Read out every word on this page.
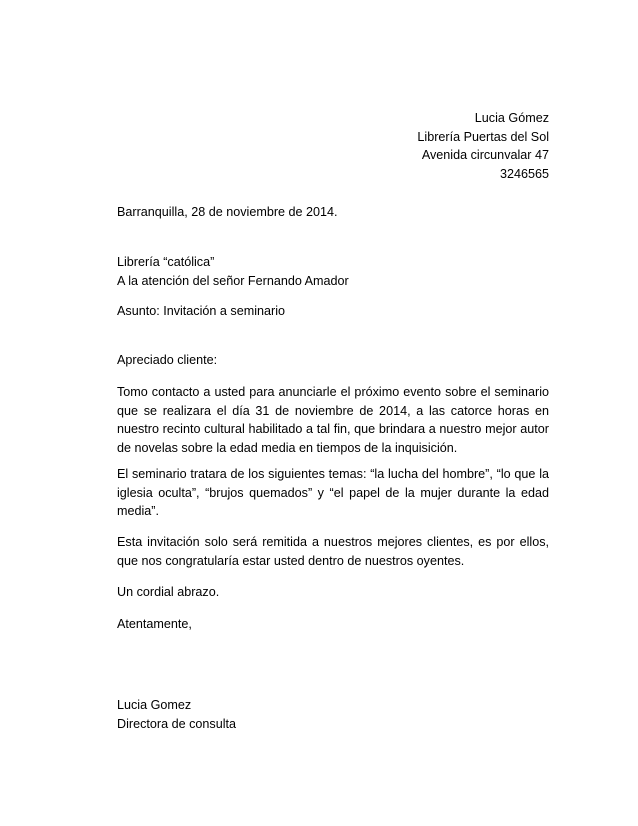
Lucia Gómez
Librería Puertas del Sol
Avenida circunvalar 47
3246565
Barranquilla, 28 de noviembre de 2014.
Librería “católica”
A la atención del señor Fernando Amador
Asunto: Invitación a seminario
Apreciado cliente:
Tomo contacto a usted para anunciarle el próximo evento sobre el seminario
que se realizara el día 31 de noviembre de 2014, a las catorce horas en
nuestro recinto cultural habilitado a tal fin, que brindara a nuestro mejor autor
de novelas sobre la edad media en tiempos de la inquisición.
El seminario tratara de los siguientes temas: “la lucha del hombre”, “lo que la
iglesia oculta”, “brujos quemados” y “el papel de la mujer durante la edad
media”.
Esta invitación solo será remitida a nuestros mejores clientes, es por ellos,
que nos congratularía estar usted dentro de nuestros oyentes.
Un cordial abrazo.
Atentamente,
Lucia Gomez
Directora de consulta
